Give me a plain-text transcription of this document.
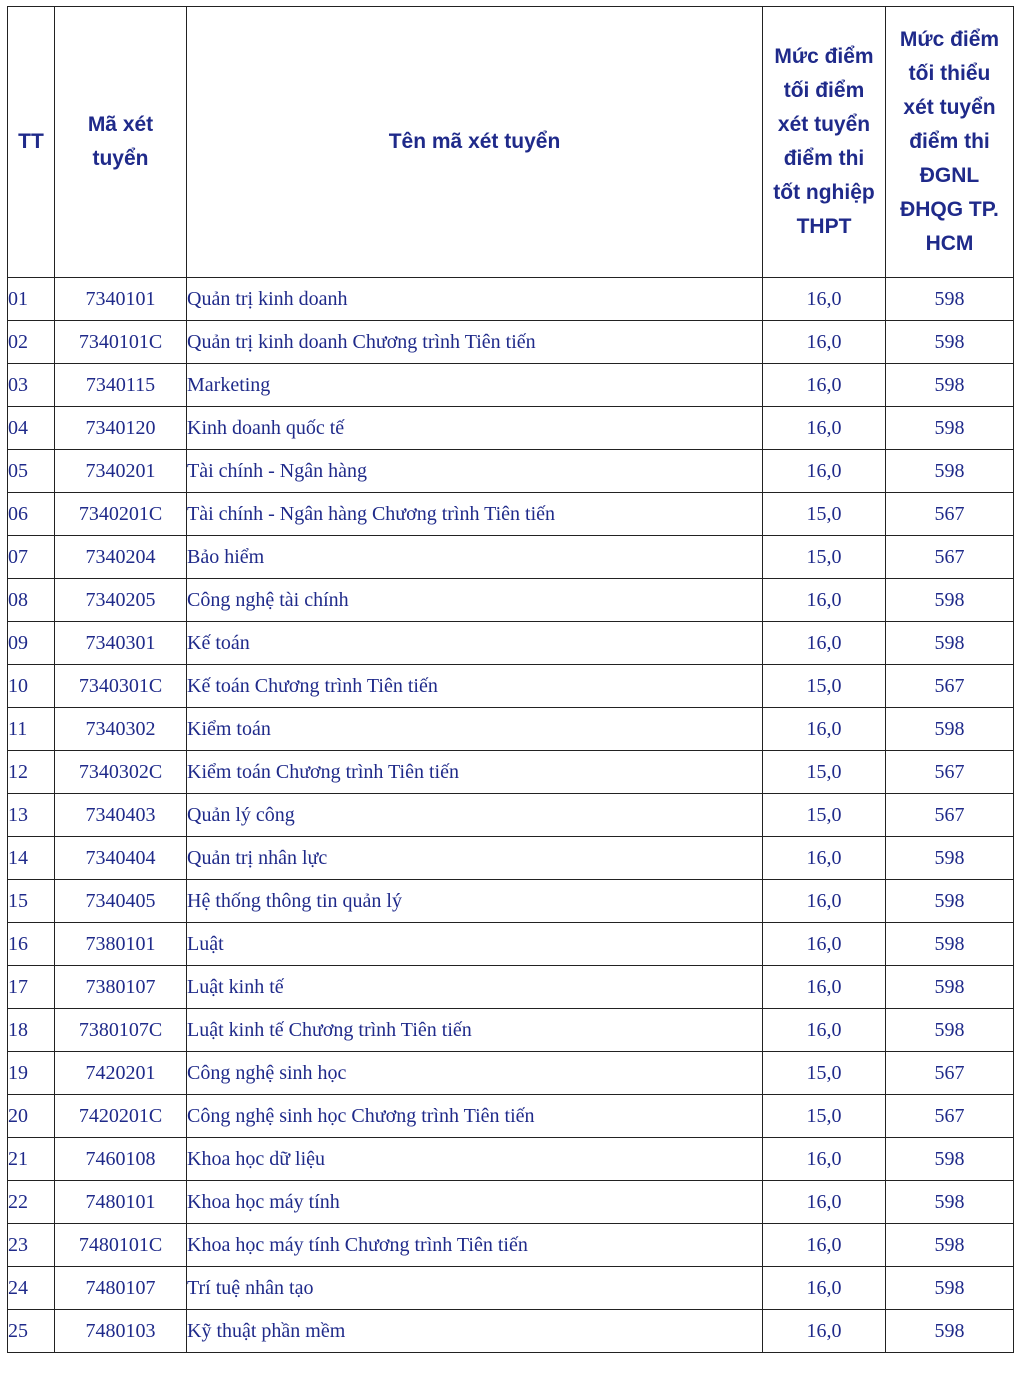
TT	Mã xét tuyển	Tên mã xét tuyển	Mức điểm tối điểm xét tuyển điểm thi tốt nghiệp THPT	Mức điểm tối thiểu xét tuyển điểm thi ĐGNL ĐHQG TP. HCM
01	7340101	Quản trị kinh doanh	16,0	598
02	7340101C	Quản trị kinh doanh Chương trình Tiên tiến	16,0	598
03	7340115	Marketing	16,0	598
04	7340120	Kinh doanh quốc tế	16,0	598
05	7340201	Tài chính - Ngân hàng	16,0	598
06	7340201C	Tài chính - Ngân hàng Chương trình Tiên tiến	15,0	567
07	7340204	Bảo hiểm	15,0	567
08	7340205	Công nghệ tài chính	16,0	598
09	7340301	Kế toán	16,0	598
10	7340301C	Kế toán Chương trình Tiên tiến	15,0	567
11	7340302	Kiểm toán	16,0	598
12	7340302C	Kiểm toán Chương trình Tiên tiến	15,0	567
13	7340403	Quản lý công	15,0	567
14	7340404	Quản trị nhân lực	16,0	598
15	7340405	Hệ thống thông tin quản lý	16,0	598
16	7380101	Luật	16,0	598
17	7380107	Luật kinh tế	16,0	598
18	7380107C	Luật kinh tế Chương trình Tiên tiến	16,0	598
19	7420201	Công nghệ sinh học	15,0	567
20	7420201C	Công nghệ sinh học Chương trình Tiên tiến	15,0	567
21	7460108	Khoa học dữ liệu	16,0	598
22	7480101	Khoa học máy tính	16,0	598
23	7480101C	Khoa học máy tính Chương trình Tiên tiến	16,0	598
24	7480107	Trí tuệ nhân tạo	16,0	598
25	7480103	Kỹ thuật phần mềm	16,0	598
